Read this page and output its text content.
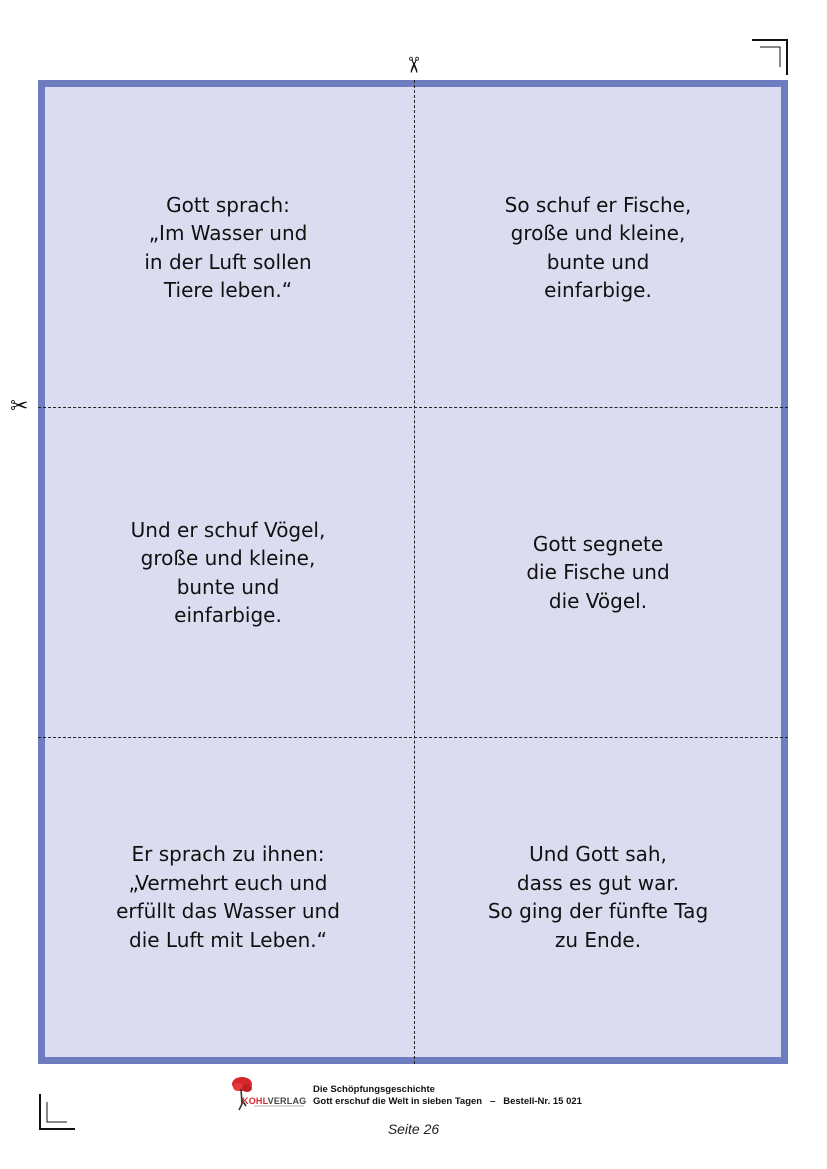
✂
✂
Gott sprach:
„Im Wasser und
in der Luft sollen
Tiere leben.“
So schuf er Fische,
große und kleine,
bunte und
einfarbige.
Und er schuf Vögel,
große und kleine,
bunte und
einfarbige.
Gott segnete
die Fische und
die Vögel.
Er sprach zu ihnen:
„Vermehrt euch und
erfüllt das Wasser und
die Luft mit Leben.“
Und Gott sah,
dass es gut war.
So ging der fünfte Tag
zu Ende.
KOHLVERLAG
Die Schöpfungsgeschichte
Gott erschuf die Welt in sieben Tagen – Bestell-Nr. 15 021
Seite 26
